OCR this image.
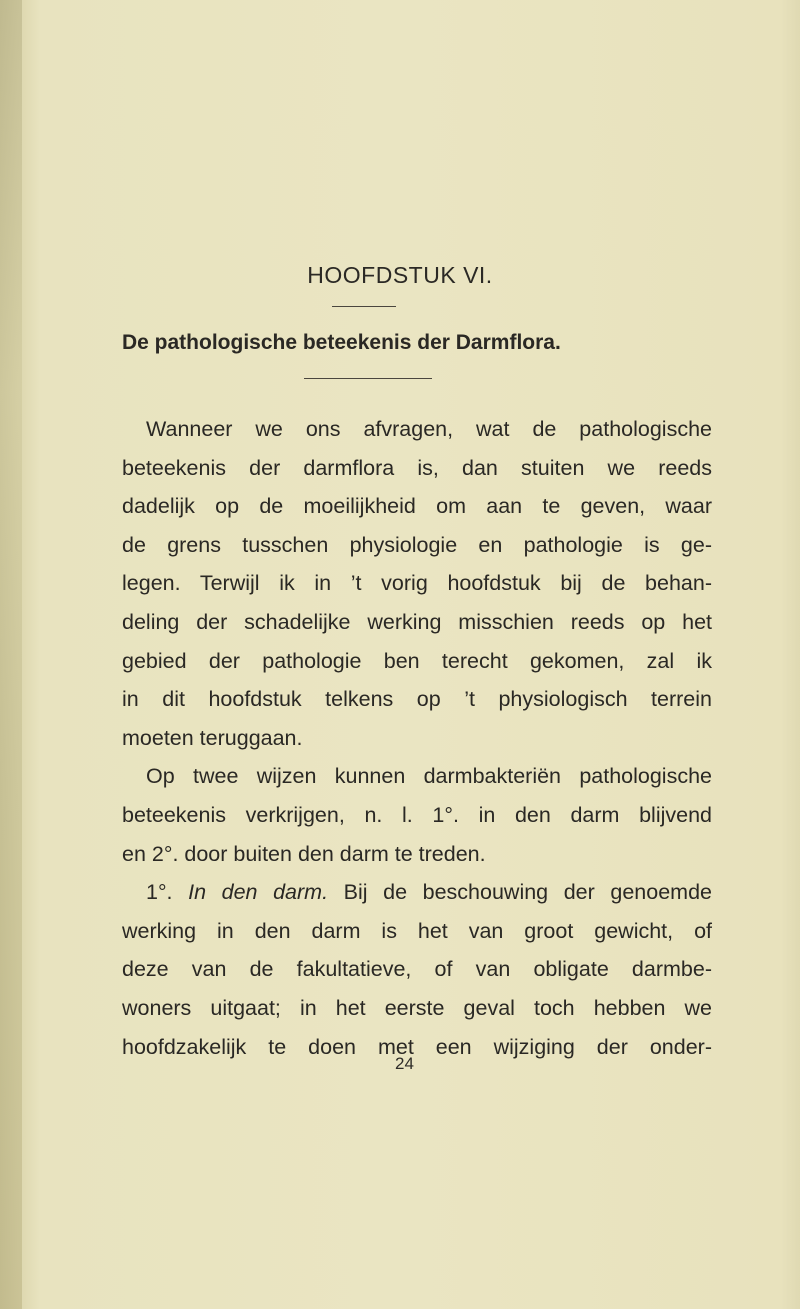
HOOFDSTUK VI.
De pathologische beteekenis der Darmflora.
Wanneer we ons afvragen, wat de pathologische
beteekenis der darmflora is, dan stuiten we reeds
dadelijk op de moeilijkheid om aan te geven, waar
de grens tusschen physiologie en pathologie is ge-
legen. Terwijl ik in ’t vorig hoofdstuk bij de behan-
deling der schadelijke werking misschien reeds op het
gebied der pathologie ben terecht gekomen, zal ik
in dit hoofdstuk telkens op ’t physiologisch terrein
moeten teruggaan.
Op twee wijzen kunnen darmbakteriën pathologische
beteekenis verkrijgen, n. l. 1°. in den darm blijvend
en 2°. door buiten den darm te treden.
1°. In den darm. Bij de beschouwing der genoemde
werking in den darm is het van groot gewicht, of
deze van de fakultatieve, of van obligate darmbe-
woners uitgaat; in het eerste geval toch hebben we
hoofdzakelijk te doen met een wijziging der onder-
24
